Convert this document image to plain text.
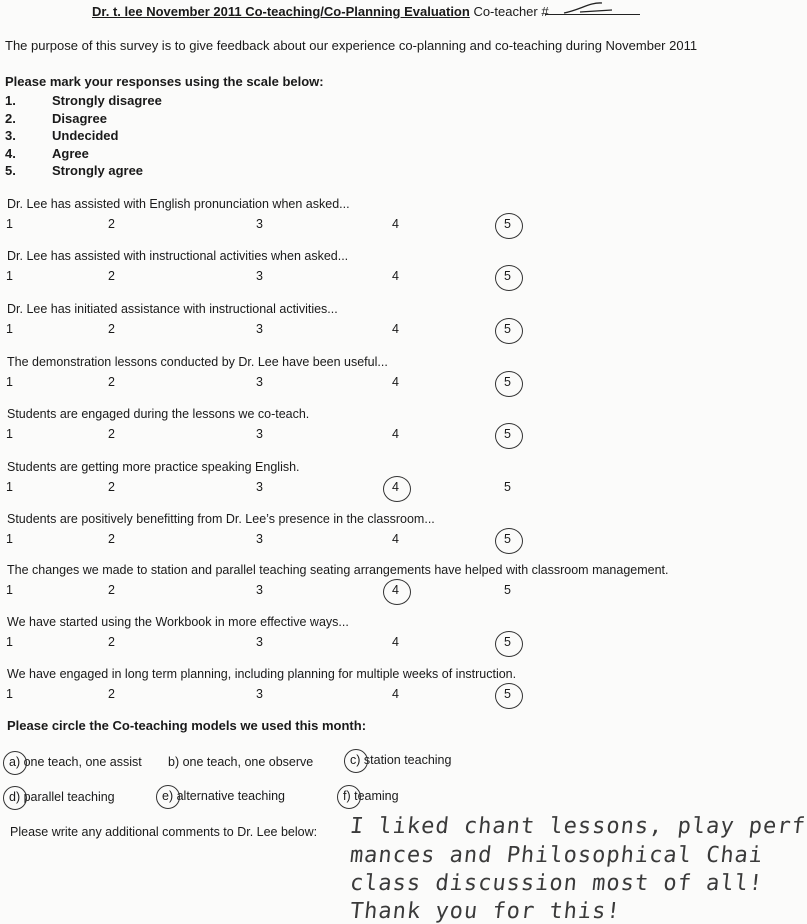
Dr. t. lee November 2011 Co-teaching/Co-Planning Evaluation Co-teacher #
The purpose of this survey is to give feedback about our experience co-planning and co-teaching during November 2011
Please mark your responses using the scale below:
1.	Strongly disagree
2.	Disagree
3.	Undecided
4.	Agree
5.	Strongly agree
Dr. Lee has assisted with English pronunciation when asked...
1	2	3	4	5
Dr. Lee has assisted with instructional activities when asked...
1	2	3	4	5
Dr. Lee has initiated assistance with instructional activities...
1	2	3	4	5
The demonstration lessons conducted by Dr. Lee have been useful...
1	2	3	4	5
Students are engaged during the lessons we co-teach.
1	2	3	4	5
Students are getting more practice speaking English.
1	2	3	4	5
Students are positively benefitting from Dr. Lee’s presence in the classroom...
1	2	3	4	5
The changes we made to station and parallel teaching seating arrangements have helped with classroom management.
1	2	3	4	5
We have started using the Workbook in more effective ways...
1	2	3	4	5
We have engaged in long term planning, including planning for multiple weeks of instruction.
1	2	3	4	5
Please circle the Co-teaching models we used this month:
a) one teach, one assist b) one teach, one observe	c) station teaching
d) parallel teaching	e) alternative teaching	f) teaming
Please write any additional comments to Dr. Lee below: I liked chant lessons, play perf
mances and Philosophical Chai
class discussion most of all!
Thank you for this!
